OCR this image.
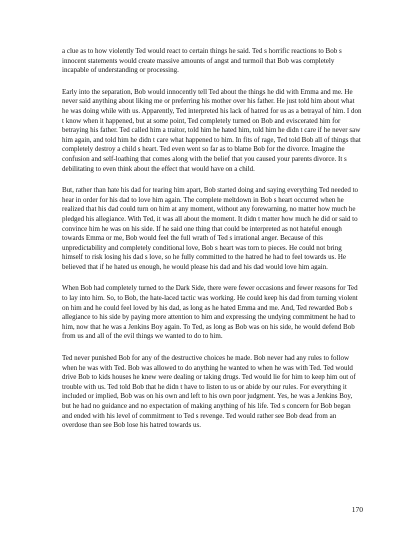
a clue as to how violently Ted would react to certain things he said. Ted s horrific reactions to Bob s innocent statements would create massive amounts of angst and turmoil that Bob was completely incapable of understanding or processing.

Early into the separation, Bob would innocently tell Ted about the things he did with Emma and me. He never said anything about liking me or preferring his mother over his father. He just told him about what he was doing while with us. Apparently, Ted interpreted his lack of hatred for us as a betrayal of him. I don t know when it happened, but at some point, Ted completely turned on Bob and eviscerated him for betraying his father. Ted called him a traitor, told him he hated him, told him he didn t care if he never saw him again, and told him he didn t care what happened to him. In fits of rage, Ted told Bob all of things that completely destroy a child s heart. Ted even went so far as to blame Bob for the divorce. Imagine the confusion and self-loathing that comes along with the belief that you caused your parents divorce. It s debilitating to even think about the effect that would have on a child.

But, rather than hate his dad for tearing him apart, Bob started doing and saying everything Ted needed to hear in order for his dad to love him again. The complete meltdown in Bob s heart occurred when he realized that his dad could turn on him at any moment, without any forewarning, no matter how much he pledged his allegiance. With Ted, it was all about the moment. It didn t matter how much he did or said to convince him he was on his side. If he said one thing that could be interpreted as not hateful enough towards Emma or me, Bob would feel the full wrath of Ted s irrational anger. Because of this unpredictability and completely conditional love, Bob s heart was torn to pieces. He could not bring himself to risk losing his dad s love, so he fully committed to the hatred he had to feel towards us. He believed that if he hated us enough, he would please his dad and his dad would love him again.

When Bob had completely turned to the Dark Side, there were fewer occasions and fewer reasons for Ted to lay into him. So, to Bob, the hate-laced tactic was working. He could keep his dad from turning violent on him and he could feel loved by his dad, as long as he hated Emma and me. And, Ted rewarded Bob s allegiance to his side by paying more attention to him and expressing the undying commitment he had to him, now that he was a Jenkins Boy again. To Ted, as long as Bob was on his side, he would defend Bob from us and all of the evil things we wanted to do to him.

Ted never punished Bob for any of the destructive choices he made. Bob never had any rules to follow when he was with Ted. Bob was allowed to do anything he wanted to when he was with Ted. Ted would drive Bob to kids houses he knew were dealing or taking drugs. Ted would lie for him to keep him out of trouble with us. Ted told Bob that he didn t have to listen to us or abide by our rules. For everything it included or implied, Bob was on his own and left to his own poor judgment. Yes, he was a Jenkins Boy, but he had no guidance and no expectation of making anything of his life. Ted s concern for Bob began and ended with his level of commitment to Ted s revenge. Ted would rather see Bob dead from an overdose than see Bob lose his hatred towards us.

170
